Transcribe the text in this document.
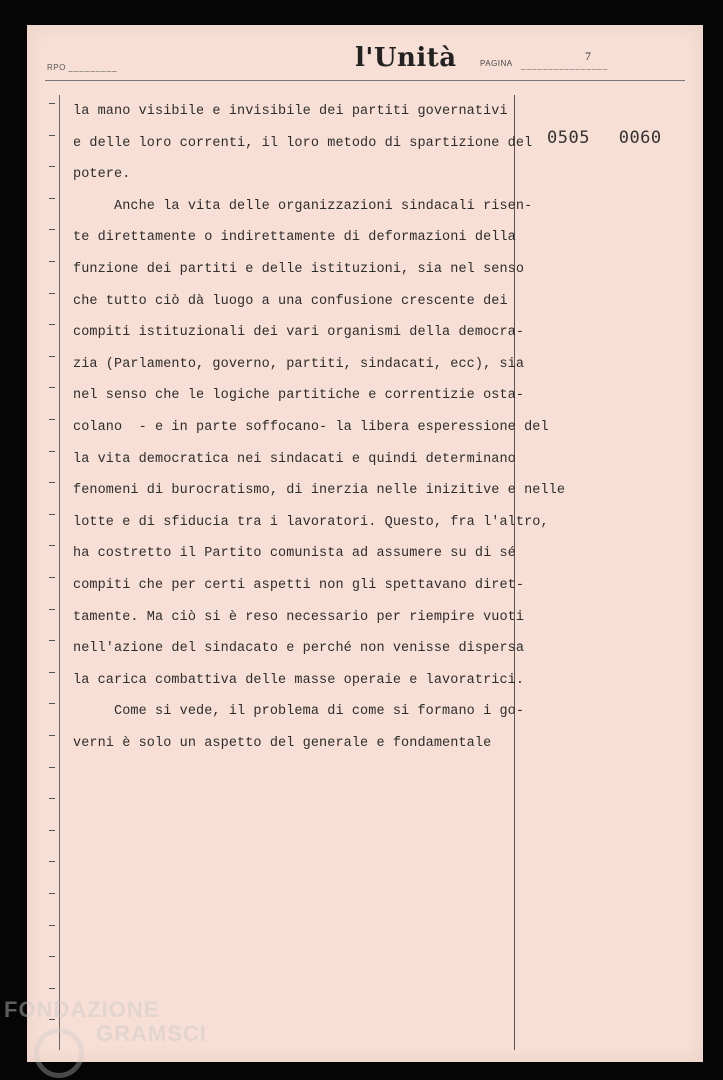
RPO _________	l'Unità	PAGINA ________________
7
0505 0060
la mano visibile e invisibile dei partiti governativi
e delle loro correnti, il loro metodo di spartizione del
potere.
Anche la vita delle organizzazioni sindacali risen-
te direttamente o indirettamente di deformazioni della
funzione dei partiti e delle istituzioni, sia nel senso
che tutto ciò dà luogo a una confusione crescente dei
compiti istituzionali dei vari organismi della democra-
zia (Parlamento, governo, partiti, sindacati, ecc), sia
nel senso che le logiche partitiche e correntizie osta-
colano  - e in parte soffocano- la libera esperessione del
la vita democratica nei sindacati e quindi determinano
fenomeni di burocratismo, di inerzia nelle inizitive e nelle
lotte e di sfiducia tra i lavoratori. Questo, fra l'altro,
ha costretto il Partito comunista ad assumere su di sé
compiti che per certi aspetti non gli spettavano diret-
tamente. Ma ciò si è reso necessario per riempire vuoti
nell'azione del sindacato e perché non venisse dispersa
la carica combattiva delle masse operaie e lavoratrici.
Come si vede, il problema di come si formano i go-
verni è solo un aspetto del generale e fondamentale
FONDAZIONE
GRAMSCI
